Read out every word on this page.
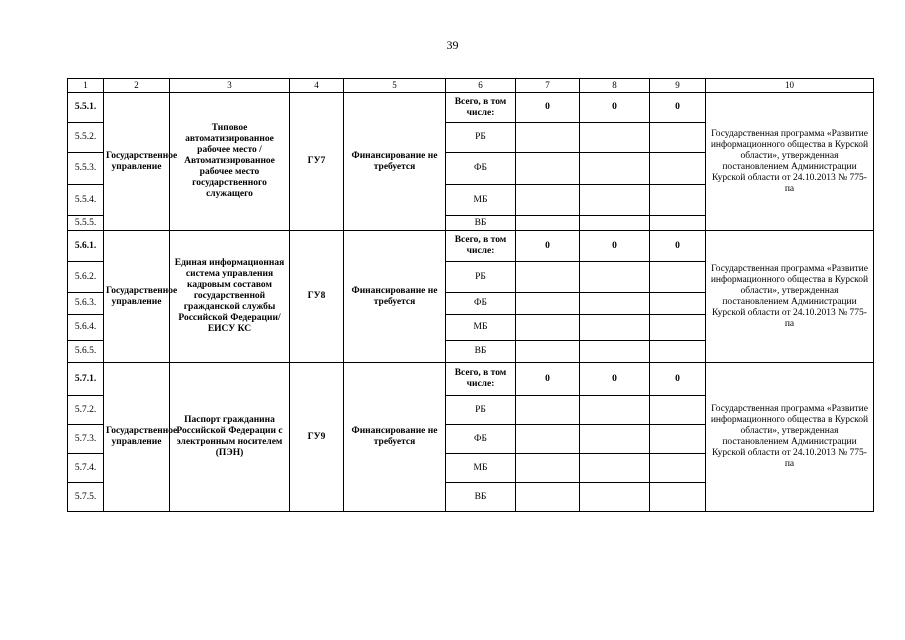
39
1	2	3	4	5	6	7	8	9	10
5.5.1.	Государственное управление	Типовое автоматизированное рабочее место / Автоматизированное рабочее место государственного служащего	ГУ7	Финансирование не требуется	Всего, в том числе:	0	0	0	Государственная программа «Развитие информационного общества в Курской области», утвержденная постановлением Администрации Курской области от 24.10.2013 № 775-па
5.5.2.					РБ				
5.5.3.					ФБ				
5.5.4.					МБ				
5.5.5.					ВБ				
5.6.1.	Государственное управление	Единая информационная система управления кадровым составом государственной гражданской службы Российской Федерации/ ЕИСУ КС	ГУ8	Финансирование не требуется	Всего, в том числе:	0	0	0	Государственная программа «Развитие информационного общества в Курской области», утвержденная постановлением Администрации Курской области от 24.10.2013 № 775-па
5.6.2.					РБ				
5.6.3.					ФБ				
5.6.4.					МБ				
5.6.5.					ВБ				
5.7.1.	Государственное управление	Паспорт гражданина Российской Федерации с электронным носителем (ПЭН)	ГУ9	Финансирование не требуется	Всего, в том числе:	0	0	0	Государственная программа «Развитие информационного общества в Курской области», утвержденная постановлением Администрации Курской области от 24.10.2013 № 775-па
5.7.2.					РБ				
5.7.3.					ФБ				
5.7.4.					МБ				
5.7.5.					ВБ				
